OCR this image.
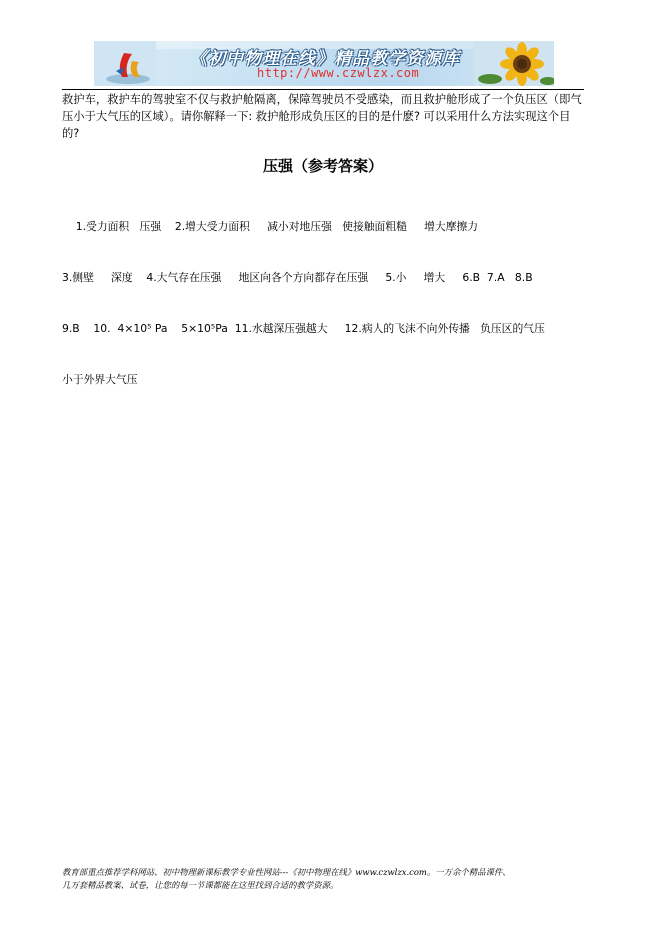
《初中物理在线》精品教学资源库
http://www.czwlzx.com

救护车，救护车的驾驶室不仅与救护舱隔离，保障驾驶员不受感染，而且救护舱形成了一个负压区（即气压小于大气压的区域）。请你解释一下: 救护舱形成负压区的目的是什麽? 可以采用什么方法实现这个目的?

压强（参考答案）

1.受力面积   压强    2.增大受力面积     减小对地压强   使接触面粗糙     增大摩擦力

3.侧壁     深度    4.大气存在压强     地区向各个方向都存在压强     5.小     增大     6.B  7.A   8.B

9.B    10.  4×10⁵ Pa    5×10⁵Pa  11.水越深压强越大     12.病人的飞沫不向外传播   负压区的气压

小于外界大气压

教育部重点推荐学科网站、初中物理新课标教学专业性网站---《初中物理在线》www.czwlzx.com。一万余个精品课件、
几万套精品教案、试卷，让您的每一节课都能在这里找到合适的教学资源。
